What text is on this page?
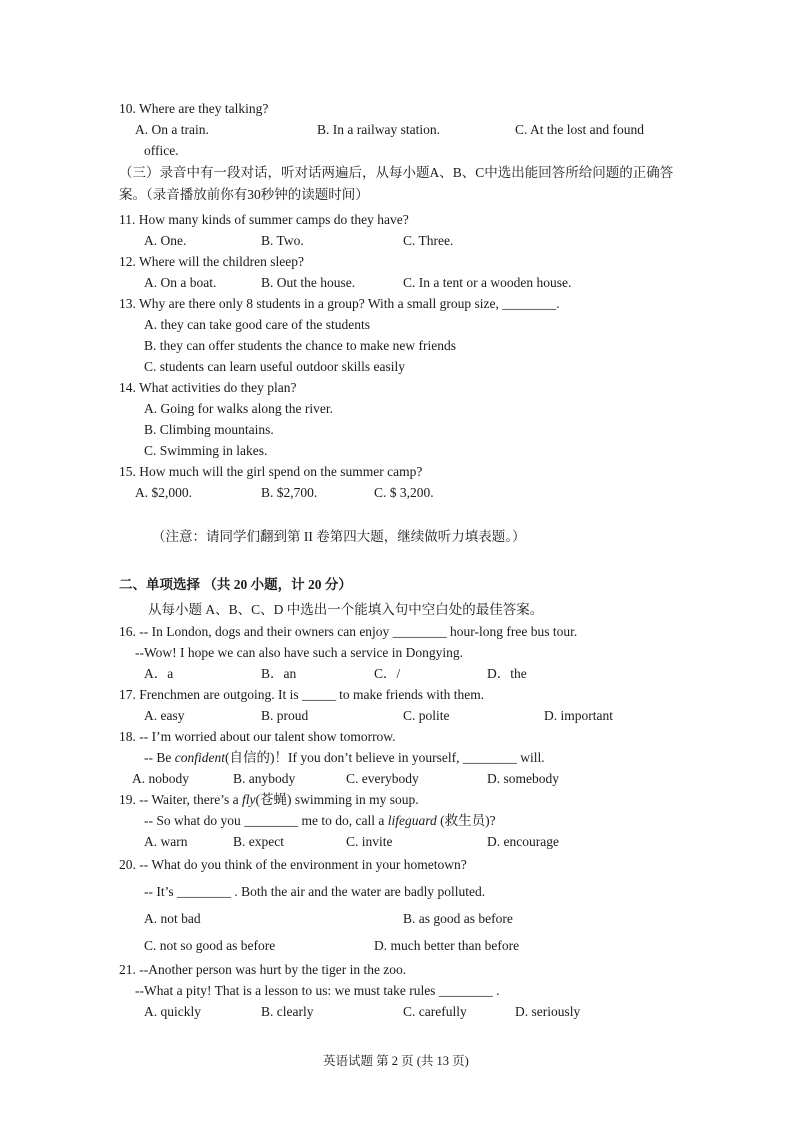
10. Where are they talking?
A. On a train.	B. In a railway station.	C. At the lost and found
office.
（三）录音中有一段对话，听对话两遍后，从每小题A、B、C中选出能回答所给问题的正确答
案。（录音播放前你有30秒钟的读题时间）
11. How many kinds of summer camps do they have?
A. One.	B. Two.	C. Three.
12. Where will the children sleep?
A. On a boat.	B. Out the house.	C. In a tent or a wooden house.
13. Why are there only 8 students in a group? With a small group size, ________.
A. they can take good care of the students
B. they can offer students the chance to make new friends
C. students can learn useful outdoor skills easily
14. What activities do they plan?
A. Going for walks along the river.
B. Climbing mountains.
C. Swimming in lakes.
15. How much will the girl spend on the summer camp?
A. $2,000.	B. $2,700.	C. $ 3,200.
（注意：请同学们翻到第 II 卷第四大题，继续做听力填表题。）
二、单项选择 （共 20 小题，计 20 分）
从每小题 A、B、C、D 中选出一个能填入句中空白处的最佳答案。
16. -- In London, dogs and their owners can enjoy ________ hour-long free bus tour.
--Wow! I hope we can also have such a service in Dongying.
A．a	B．an	C．/	D．the
17. Frenchmen are outgoing. It is _____ to make friends with them.
A. easy	B. proud	C. polite	D. important
18. -- I’m worried about our talent show tomorrow.
-- Be confident(自信的)！If you don’t believe in yourself, ________ will.
A. nobody	B. anybody	C. everybody	D. somebody
19. -- Waiter, there’s a fly(苍蝇) swimming in my soup.
-- So what do you ________ me to do, call a lifeguard (救生员)?
A. warn	B. expect	C. invite	D. encourage
20. -- What do you think of the environment in your hometown?
-- It’s ________ . Both the air and the water are badly polluted.
A. not bad	B. as good as before
C. not so good as before	D. much better than before
21. --Another person was hurt by the tiger in the zoo.
--What a pity! That is a lesson to us: we must take rules ________ .
A. quickly	B. clearly	C. carefully	D. seriously
英语试题 第 2 页 (共 13 页)
